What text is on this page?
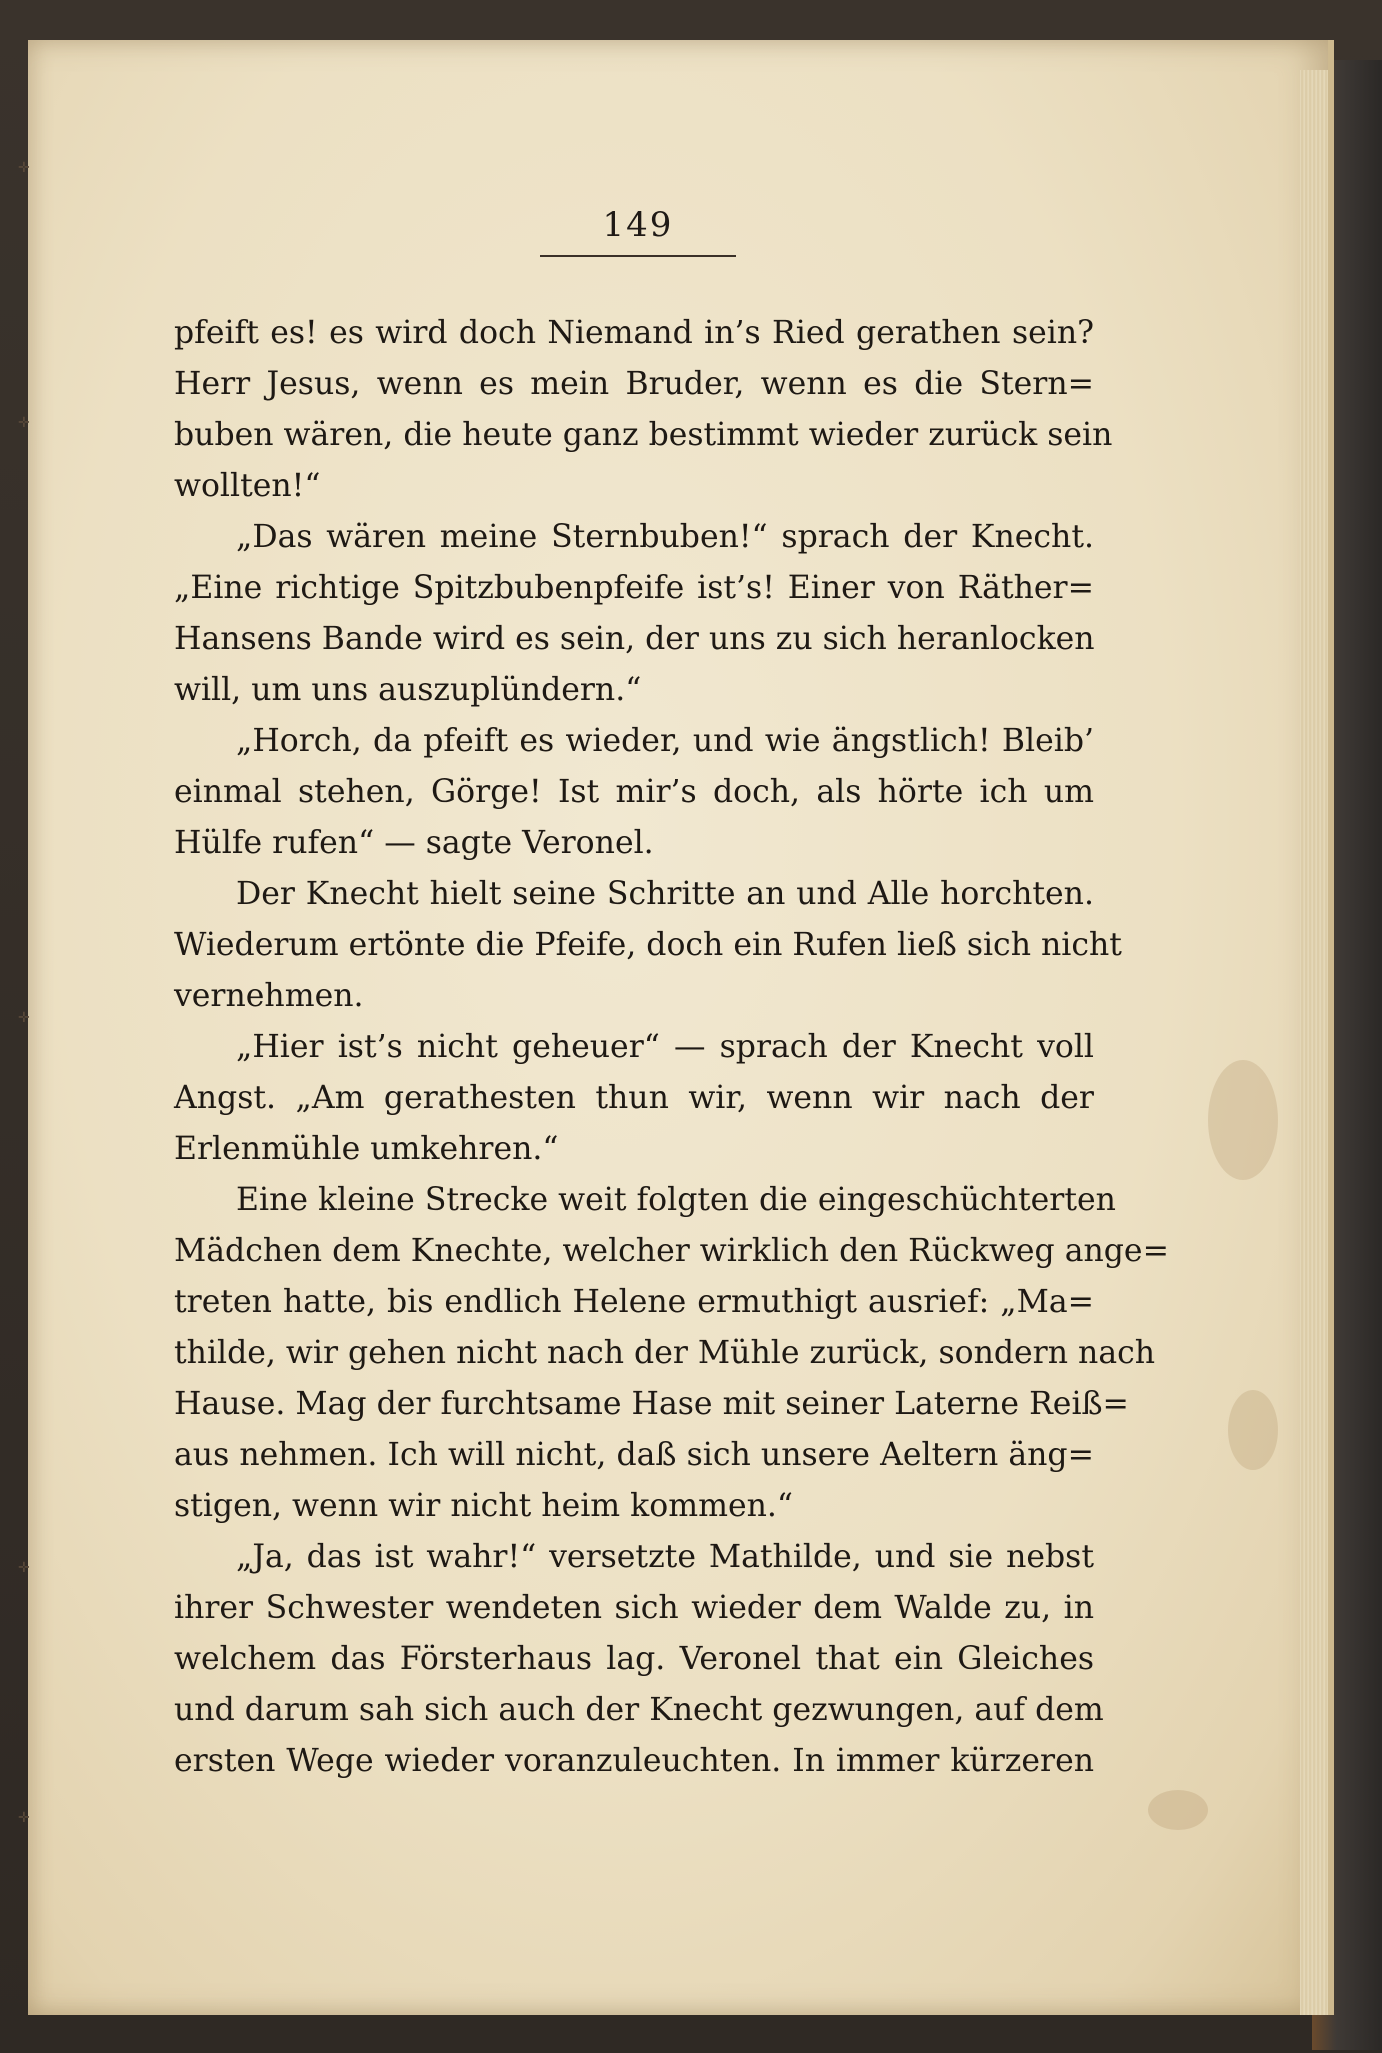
✛
✛
✛
✛
✛
149
pfeift es! es wird doch Niemand in’s Ried gerathen sein?
Herr Jesus, wenn es mein Bruder, wenn es die Stern=
buben wären, die heute ganz bestimmt wieder zurück sein
wollten!“
„Das wären meine Sternbuben!“ sprach der Knecht.
„Eine richtige Spitzbubenpfeife ist’s! Einer von Räther=
Hansens Bande wird es sein, der uns zu sich heranlocken
will, um uns auszuplündern.“
„Horch, da pfeift es wieder, und wie ängstlich! Bleib’
einmal stehen, Görge! Ist mir’s doch, als hörte ich um
Hülfe rufen“ — sagte Veronel.
Der Knecht hielt seine Schritte an und Alle horchten.
Wiederum ertönte die Pfeife, doch ein Rufen ließ sich nicht
vernehmen.
„Hier ist’s nicht geheuer“ — sprach der Knecht voll
Angst. „Am gerathesten thun wir, wenn wir nach der
Erlenmühle umkehren.“
Eine kleine Strecke weit folgten die eingeschüchterten
Mädchen dem Knechte, welcher wirklich den Rückweg ange=
treten hatte, bis endlich Helene ermuthigt ausrief: „Ma=
thilde, wir gehen nicht nach der Mühle zurück, sondern nach
Hause. Mag der furchtsame Hase mit seiner Laterne Reiß=
aus nehmen. Ich will nicht, daß sich unsere Aeltern äng=
stigen, wenn wir nicht heim kommen.“
„Ja, das ist wahr!“ versetzte Mathilde, und sie nebst
ihrer Schwester wendeten sich wieder dem Walde zu, in
welchem das Försterhaus lag. Veronel that ein Gleiches
und darum sah sich auch der Knecht gezwungen, auf dem
ersten Wege wieder voranzuleuchten. In immer kürzeren
